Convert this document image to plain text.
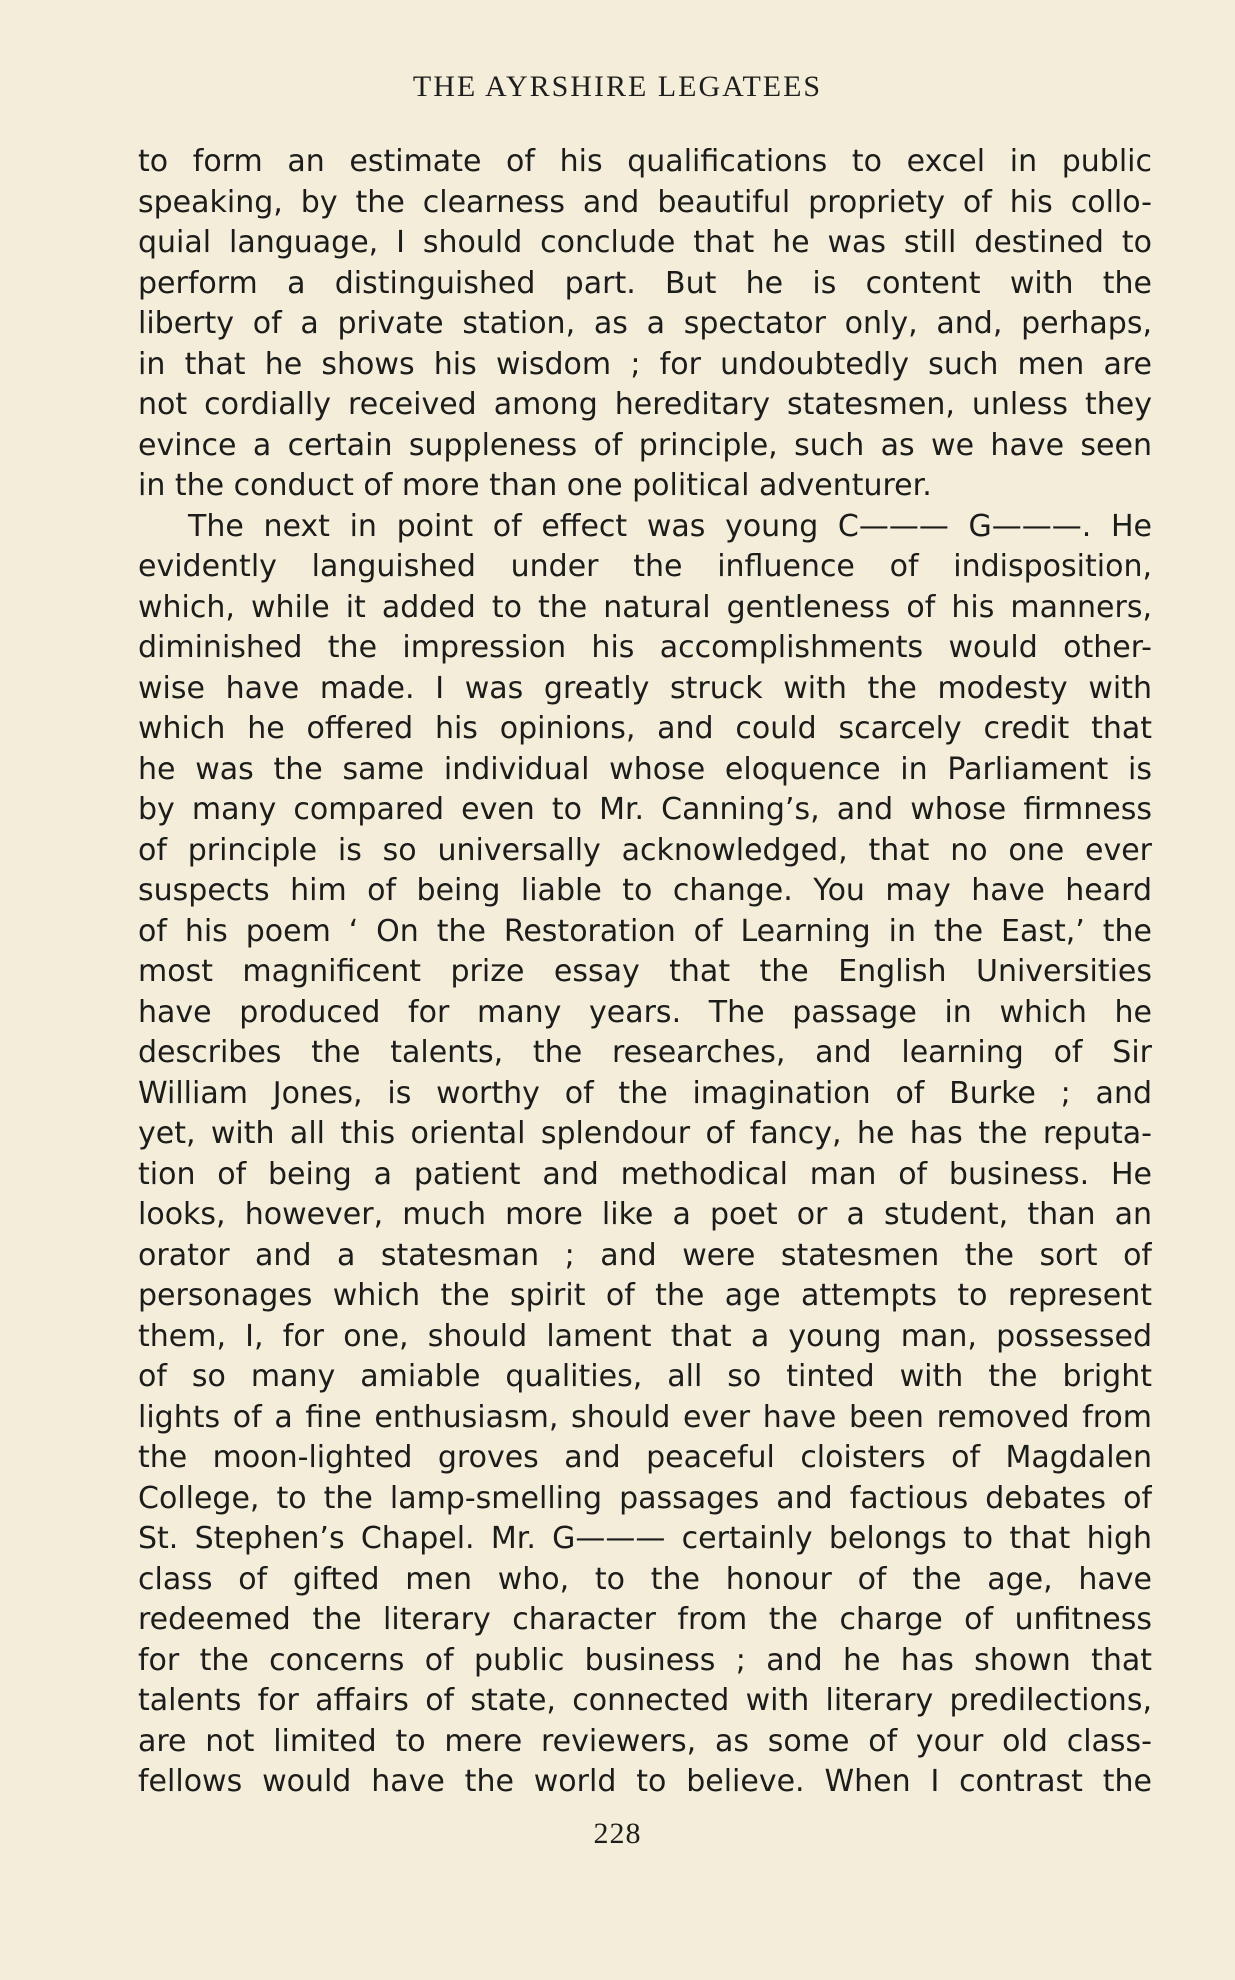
THE AYRSHIRE LEGATEES
to form an estimate of his qualifications to excel in public
speaking, by the clearness and beautiful propriety of his collo-
quial language, I should conclude that he was still destined to
perform a distinguished part. But he is content with the
liberty of a private station, as a spectator only, and, perhaps,
in that he shows his wisdom ; for undoubtedly such men are
not cordially received among hereditary statesmen, unless they
evince a certain suppleness of principle, such as we have seen
in the conduct of more than one political adventurer.
The next in point of effect was young C——— G———. He
evidently languished under the influence of indisposition,
which, while it added to the natural gentleness of his manners,
diminished the impression his accomplishments would other-
wise have made. I was greatly struck with the modesty with
which he offered his opinions, and could scarcely credit that
he was the same individual whose eloquence in Parliament is
by many compared even to Mr. Canning’s, and whose firmness
of principle is so universally acknowledged, that no one ever
suspects him of being liable to change. You may have heard
of his poem ‘ On the Restoration of Learning in the East,’ the
most magnificent prize essay that the English Universities
have produced for many years. The passage in which he
describes the talents, the researches, and learning of Sir
William Jones, is worthy of the imagination of Burke ; and
yet, with all this oriental splendour of fancy, he has the reputa-
tion of being a patient and methodical man of business. He
looks, however, much more like a poet or a student, than an
orator and a statesman ; and were statesmen the sort of
personages which the spirit of the age attempts to represent
them, I, for one, should lament that a young man, possessed
of so many amiable qualities, all so tinted with the bright
lights of a fine enthusiasm, should ever have been removed from
the moon-lighted groves and peaceful cloisters of Magdalen
College, to the lamp-smelling passages and factious debates of
St. Stephen’s Chapel. Mr. G——— certainly belongs to that high
class of gifted men who, to the honour of the age, have
redeemed the literary character from the charge of unfitness
for the concerns of public business ; and he has shown that
talents for affairs of state, connected with literary predilections,
are not limited to mere reviewers, as some of your old class-
fellows would have the world to believe. When I contrast the
228
